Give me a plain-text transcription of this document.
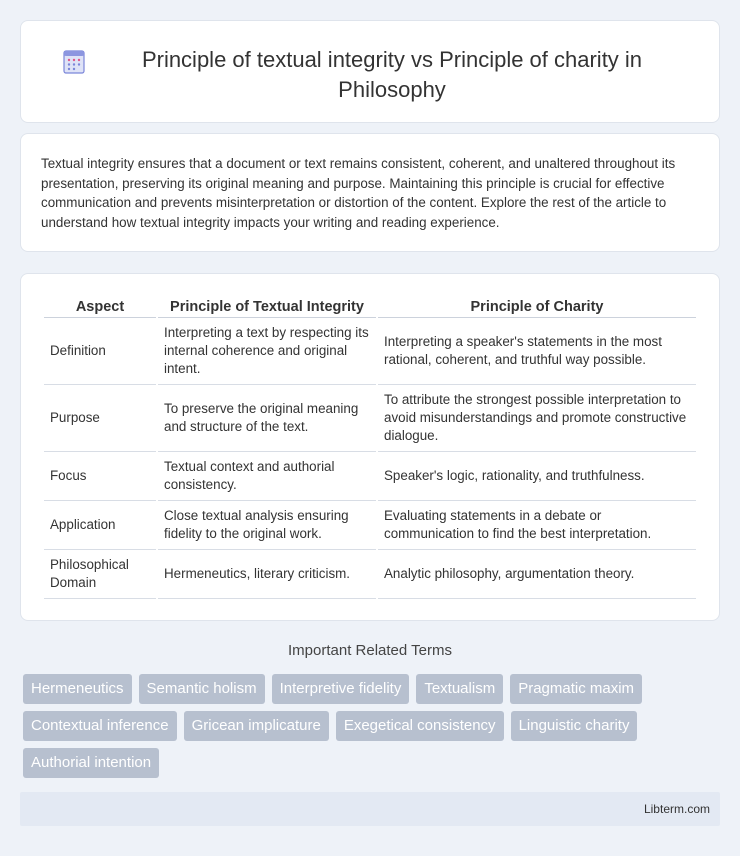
Principle of textual integrity vs Principle of charity in Philosophy

Textual integrity ensures that a document or text remains consistent, coherent, and unaltered throughout its presentation, preserving its original meaning and purpose. Maintaining this principle is crucial for effective communication and prevents misinterpretation or distortion of the content. Explore the rest of the article to understand how textual integrity impacts your writing and reading experience.

Aspect	Principle of Textual Integrity	Principle of Charity
Definition	Interpreting a text by respecting its internal coherence and original intent.	Interpreting a speaker's statements in the most rational, coherent, and truthful way possible.
Purpose	To preserve the original meaning and structure of the text.	To attribute the strongest possible interpretation to avoid misunderstandings and promote constructive dialogue.
Focus	Textual context and authorial consistency.	Speaker's logic, rationality, and truthfulness.
Application	Close textual analysis ensuring fidelity to the original work.	Evaluating statements in a debate or communication to find the best interpretation.
Philosophical Domain	Hermeneutics, literary criticism.	Analytic philosophy, argumentation theory.
Important Related Terms
Hermeneutics	Semantic holism	Interpretive fidelity	Textualism	Pragmatic maxim
Contextual inference	Gricean implicature	Exegetical consistency	Linguistic charity
Authorial intention
Libterm.com
